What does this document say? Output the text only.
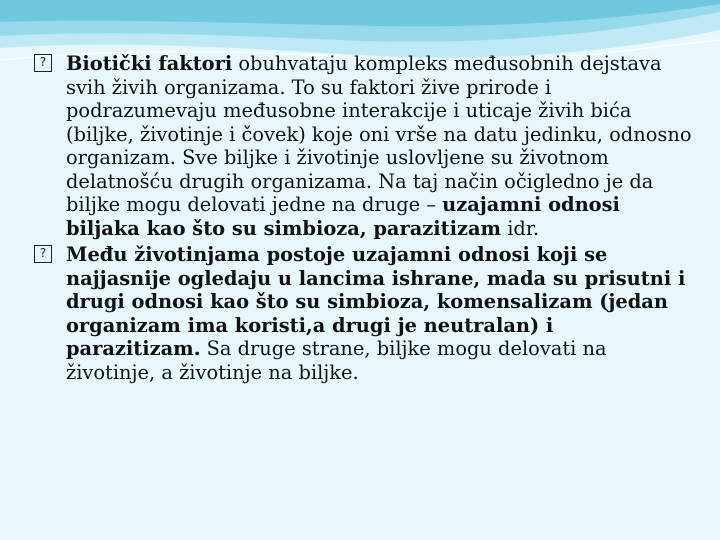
? Biotički faktori obuhvataju kompleks međusobnih dejstava svih živih organizama. To su faktori žive prirode i podrazumevaju međusobne interakcije i uticaje živih bića (biljke, životinje i čovek) koje oni vrše na datu jedinku, odnosno organizam. Sve biljke i životinje uslovljene su životnom delatnošću drugih organizama. Na taj način očigledno je da biljke mogu delovati jedne na druge – uzajamni odnosi biljaka kao što su simbioza, parazitizam idr.

? Među životinjama postoje uzajamni odnosi koji se najjasnije ogledaju u lancima ishrane, mada su prisutni i drugi odnosi kao što su simbioza, komensalizam (jedan organizam ima koristi,a drugi je neutralan) i parazitizam. Sa druge strane, biljke mogu delovati na životinje, a životinje na biljke.
